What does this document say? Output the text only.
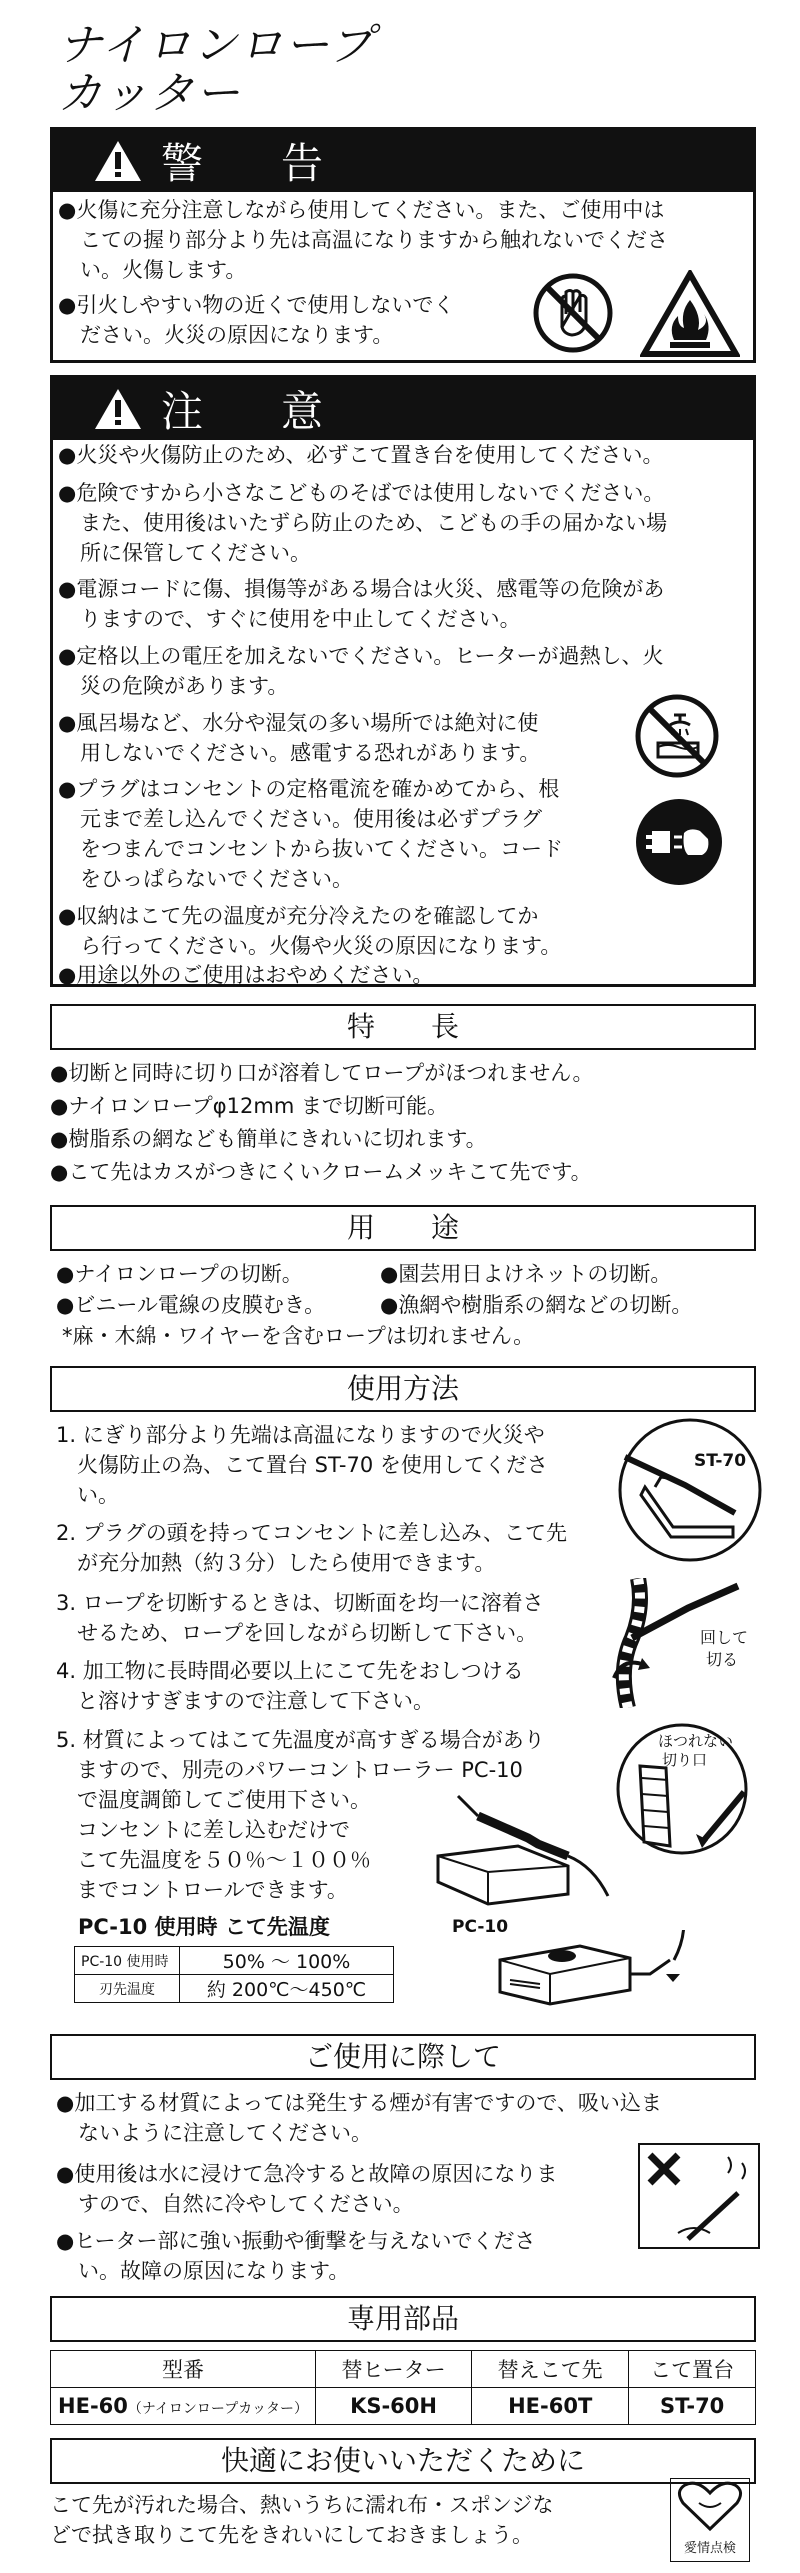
ナイロンロープ
カッター
警　告
●火傷に充分注意しながら使用してください。また、ご使用中は
こての握り部分より先は高温になりますから触れないでくださ
い。火傷します。
●引火しやすい物の近くで使用しないでく
ださい。火災の原因になります。
注　意
●火災や火傷防止のため、必ずこて置き台を使用してください。
●危険ですから小さなこどものそばでは使用しないでください。
また、使用後はいたずら防止のため、こどもの手の届かない場
所に保管してください。
●電源コードに傷、損傷等がある場合は火災、感電等の危険があ
りますので、すぐに使用を中止してください。
●定格以上の電圧を加えないでください。ヒーターが過熱し、火
災の危険があります。
●風呂場など、水分や湿気の多い場所では絶対に使
用しないでください。感電する恐れがあります。
●プラグはコンセントの定格電流を確かめてから、根
元まで差し込んでください。使用後は必ずプラグ
をつまんでコンセントから抜いてください。コード
をひっぱらないでください。
●収納はこて先の温度が充分冷えたのを確認してか
ら行ってください。火傷や火災の原因になります。
●用途以外のご使用はおやめください。
特　　長
●切断と同時に切り口が溶着してロープがほつれません。
●ナイロンロープφ12mm まで切断可能。
●樹脂系の網なども簡単にきれいに切れます。
●こて先はカスがつきにくいクロームメッキこて先です。
用　　途
●ナイロンロープの切断。	●園芸用日よけネットの切断。
●ビニール電線の皮膜むき。	●漁網や樹脂系の網などの切断。
*麻・木綿・ワイヤーを含むロープは切れません。
使用方法
1. にぎり部分より先端は高温になりますので火災や
　火傷防止の為、こて置台 ST-70 を使用してくださ
　い。
2. プラグの頭を持ってコンセントに差し込み、こて先
　が充分加熱（約３分）したら使用できます。
3. ロープを切断するときは、切断面を均一に溶着さ
　せるため、ロープを回しながら切断して下さい。
4. 加工物に長時間必要以上にこて先をおしつける
　と溶けすぎますので注意して下さい。
5. 材質によってはこて先温度が高すぎる場合があり
　ますので、別売のパワーコントローラー PC-10
　で温度調節してご使用下さい。
　コンセントに差し込むだけで
　こて先温度を５０％～１００％
　までコントロールできます。
ST-70
回して
切る
ほつれない
切り口
PC-10
PC-10 使用時 こて先温度
PC-10 使用時	50% ～ 100%
刃先温度	約 200℃～450℃
ご使用に際して
●加工する材質によっては発生する煙が有害ですので、吸い込ま
ないように注意してください。
●使用後は水に浸けて急冷すると故障の原因になりま
すので、自然に冷やしてください。
●ヒーター部に強い振動や衝撃を与えないでくださ
い。故障の原因になります。
専用部品
型番	替ヒーター	替えこて先	こて置台
HE-60（ナイロンロープカッター）	KS-60H	HE-60T	ST-70
快適にお使いいただくために
こて先が汚れた場合、熱いうちに濡れ布・スポンジな
どで拭き取りこて先をきれいにしておきましょう。
愛情点検
